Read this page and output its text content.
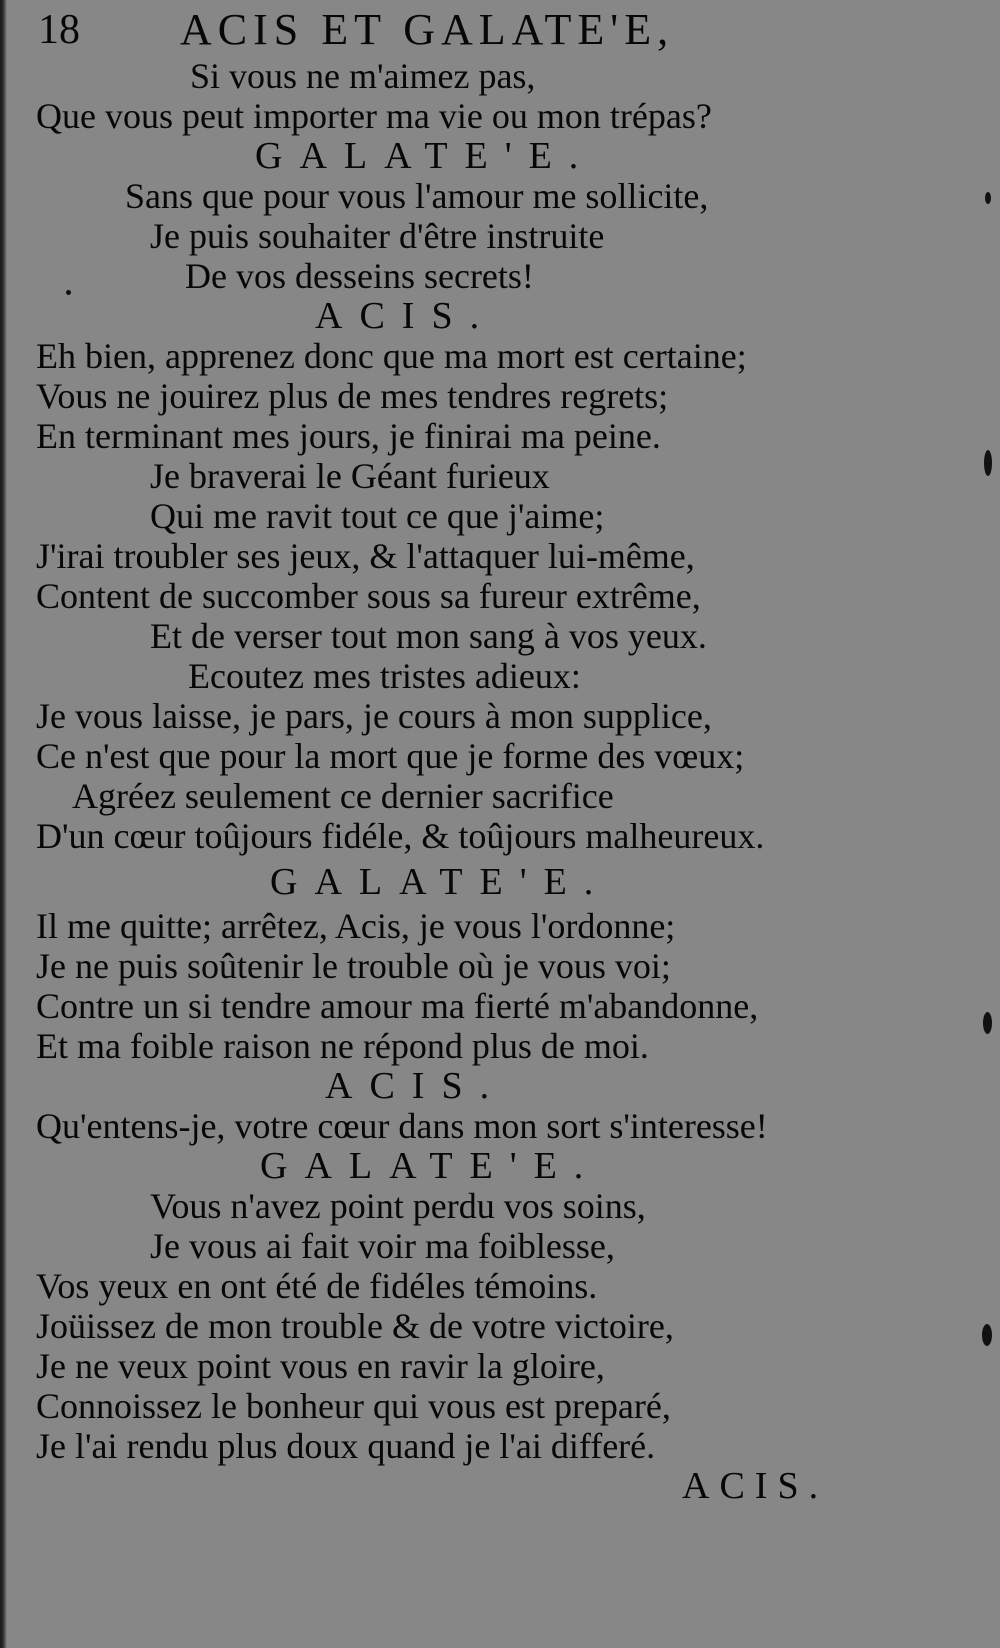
18 ACIS ET GALATE'E,

Si vous ne m'aimez pas,

Que vous peut importer ma vie ou mon trépas?

GALATE'E.

Sans que pour vous l'amour me sollicite,

Je puis souhaiter d'être instruite

De vos desseins secrets!

ACIS.

Eh bien, apprenez donc que ma mort est certaine;

Vous ne jouirez plus de mes tendres regrets;

En terminant mes jours, je finirai ma peine.

Je braverai le Géant furieux

Qui me ravit tout ce que j'aime;

J'irai troubler ses jeux, & l'attaquer lui-même,

Content de succomber sous sa fureur extrême,

Et de verser tout mon sang à vos yeux.

Ecoutez mes tristes adieux:

Je vous laisse, je pars, je cours à mon supplice,

Ce n'est que pour la mort que je forme des vœux;

Agréez seulement ce dernier sacrifice

D'un cœur toûjours fidéle, & toûjours malheureux.

GALATE'E.

Il me quitte; arrêtez, Acis, je vous l'ordonne;

Je ne puis soûtenir le trouble où je vous voi;

Contre un si tendre amour ma fierté m'abandonne,

Et ma foible raison ne répond plus de moi.

ACIS.

Qu'entens-je, votre cœur dans mon sort s'interesse!

GALATE'E.

Vous n'avez point perdu vos soins,

Je vous ai fait voir ma foiblesse,

Vos yeux en ont été de fidéles témoins.

Joüissez de mon trouble & de votre victoire,

Je ne veux point vous en ravir la gloire,

Connoissez le bonheur qui vous est preparé,

Je l'ai rendu plus doux quand je l'ai differé.

ACIS.
